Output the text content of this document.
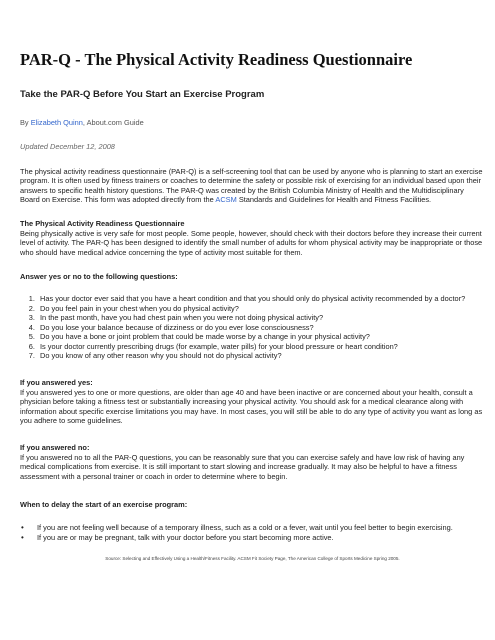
PAR-Q - The Physical Activity Readiness Questionnaire
Take the PAR-Q Before You Start an Exercise Program
By Elizabeth Quinn, About.com Guide
Updated December 12, 2008

The physical activity readiness questionnaire (PAR-Q) is a self-screening tool that can be used by anyone who is planning to start an exercise program. It is often used by fitness trainers or coaches to determine the safety or possible risk of exercising for an individual based upon their answers to specific health history questions. The PAR-Q was created by the British Columbia Ministry of Health and the Multidisciplinary Board on Exercise. This form was adopted directly from the ACSM Standards and Guidelines for Health and Fitness Facilities.

The Physical Activity Readiness Questionnaire

Being physically active is very safe for most people. Some people, however, should check with their doctors before they increase their current level of activity. The PAR-Q has been designed to identify the small number of adults for whom physical activity may be inappropriate or those who should have medical advice concerning the type of activity most suitable for them.

Answer yes or no to the following questions:
1. Has your doctor ever said that you have a heart condition and that you should only do physical activity recommended by a doctor?
2. Do you feel pain in your chest when you do physical activity?
3. In the past month, have you had chest pain when you were not doing physical activity?
4. Do you lose your balance because of dizziness or do you ever lose consciousness?
5. Do you have a bone or joint problem that could be made worse by a change in your physical activity?
6. Is your doctor currently prescribing drugs (for example, water pills) for your blood pressure or heart condition?
7. Do you know of any other reason why you should not do physical activity?
If you answered yes:

If you answered yes to one or more questions, are older than age 40 and have been inactive or are concerned about your health, consult a physician before taking a fitness test or substantially increasing your physical activity. You should ask for a medical clearance along with information about specific exercise limitations you may have. In most cases, you will still be able to do any type of activity you want as long as you adhere to some guidelines.

If you answered no:

If you answered no to all the PAR-Q questions, you can be reasonably sure that you can exercise safely and have low risk of having any medical complications from exercise. It is still important to start slowing and increase gradually. It may also be helpful to have a fitness assessment with a personal trainer or coach in order to determine where to begin.

When to delay the start of an exercise program:
• If you are not feeling well because of a temporary illness, such as a cold or a fever, wait until you feel better to begin exercising.
• If you are or may be pregnant, talk with your doctor before you start becoming more active.
Source: Selecting and Effectively Using a Health/Fitness Facility. ACSM Fit Society Page, The American College of Sports Medicine Spring 2005.
